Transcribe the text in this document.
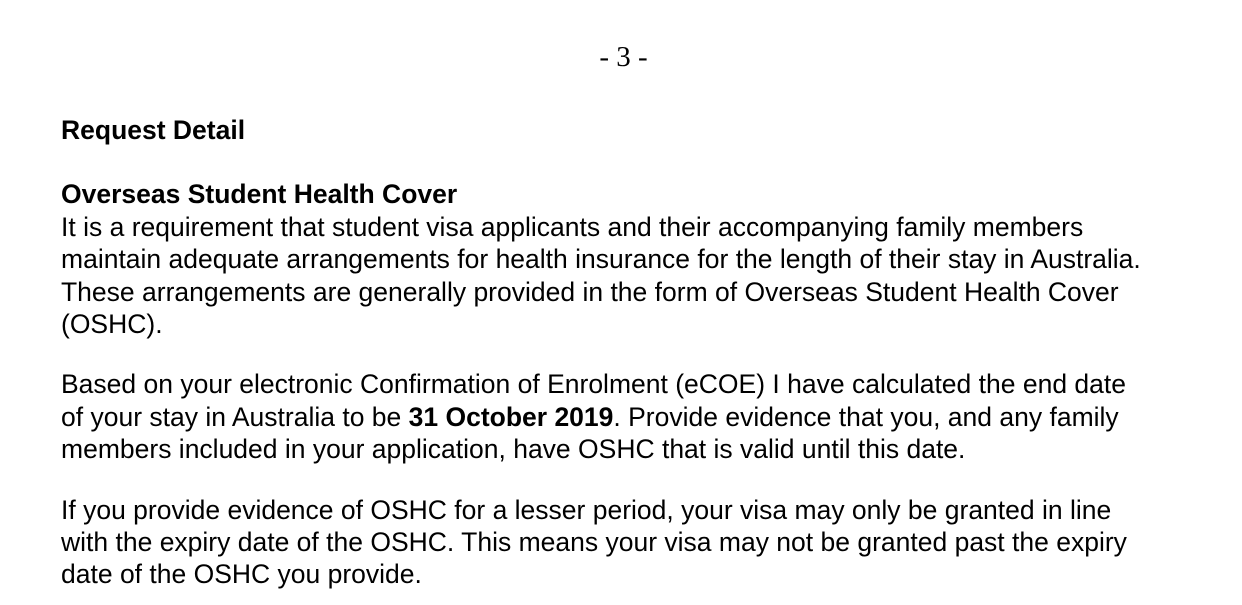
- 3 -
Request Detail
Overseas Student Health Cover

It is a requirement that student visa applicants and their accompanying family members
maintain adequate arrangements for health insurance for the length of their stay in Australia.
These arrangements are generally provided in the form of Overseas Student Health Cover
(OSHC).

Based on your electronic Confirmation of Enrolment (eCOE) I have calculated the end date
of your stay in Australia to be 31 October 2019. Provide evidence that you, and any family
members included in your application, have OSHC that is valid until this date.

If you provide evidence of OSHC for a lesser period, your visa may only be granted in line
with the expiry date of the OSHC. This means your visa may not be granted past the expiry
date of the OSHC you provide.
